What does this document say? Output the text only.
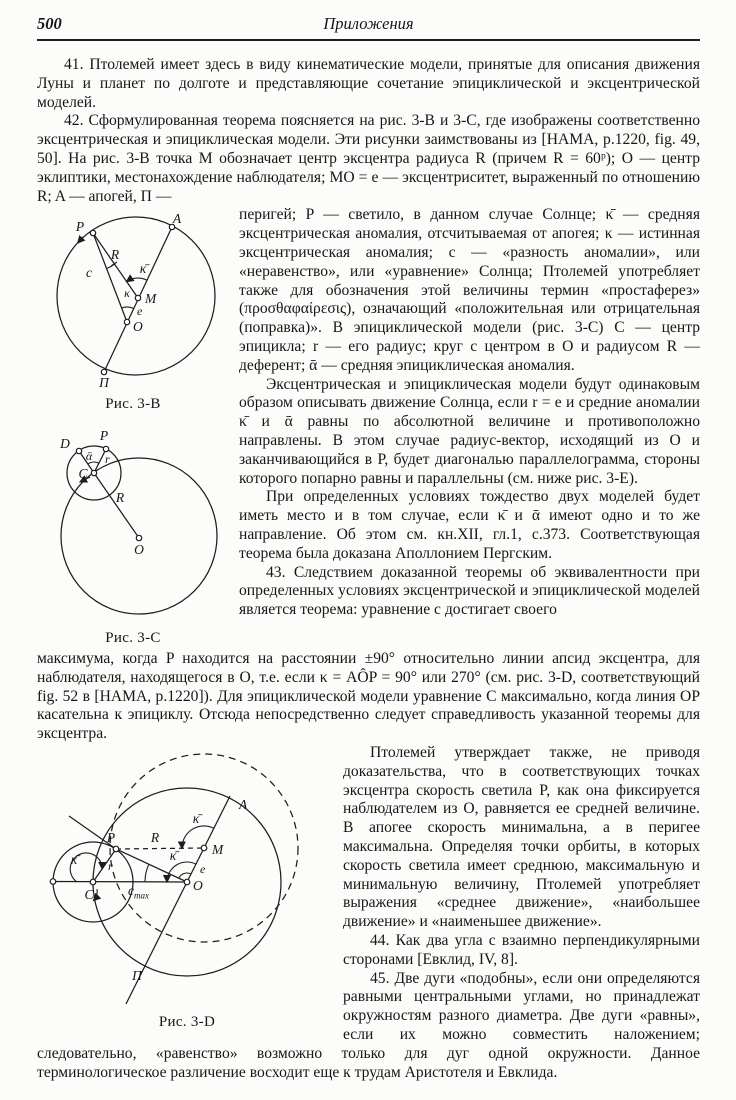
500	Приложения

41. Птолемей имеет здесь в виду кинематические модели, принятые для описания движения Луны и планет по долготе и представляющие сочетание эпициклической и эксцентрической моделей.

42. Сформулированная теорема поясняется на рис. 3-B и 3-C, где изображены соответственно эксцентрическая и эпициклическая модели. Эти рисунки заимствованы из [HAMA, p.1220, fig. 49, 50]. На рис. 3-B точка M обозначает центр эксцентра радиуса R (причем R = 60ᵖ); O — центр эклиптики, местонахождение наблюдателя; MO = e — эксцентриситет, выраженный по отношению R; A — апогей, П —

P
A
П
M
O
R
κ̄
κ
e
c
Рис. 3-B
D
P
ᾱ r
C
R
O
Рис. 3-C

перигей; P — светило, в данном случае Солнце; κ̄ — средняя эксцентрическая аномалия, отсчитываемая от апогея; κ — истинная эксцентрическая аномалия; c — «разность аномалии», или «неравенство», или «уравнение» Солнца; Птолемей употребляет также для обозначения этой величины термин «простаферез» (προσθαφαίρεσις), означающий «положительная или отрицательная (поправка)». В эпициклической модели (рис. 3-C) C — центр эпицикла; r — его радиус; круг с центром в O и радиусом R — деферент; ᾱ — средняя эпициклическая аномалия.

Эксцентрическая и эпициклическая модели будут одинаковым образом описывать движение Солнца, если r = e и средние аномалии κ̄ и ᾱ равны по абсолютной величине и противоположно направлены. В этом случае радиус-вектор, исходящий из O и заканчивающийся в P, будет диагональю параллелограмма, стороны которого попарно равны и параллельны (см. ниже рис. 3-E).

При определенных условиях тождество двух моделей будет иметь место и в том случае, если κ̄ и ᾱ имеют одно и то же направление. Об этом см. кн.XII, гл.1, с.373. Соответствующая теорема была доказана Аполлонием Пергским.

43. Следствием доказанной теоремы об эквивалентности при определенных условиях эксцентрической и эпициклической моделей является теорема: уравнение c достигает своего

максимума, когда P находится на расстоянии ±90° относительно линии апсид эксцентра, для наблюдателя, находящегося в O, т.е. если κ = AÔP = 90° или 270° (см. рис. 3-D, соответствующий fig. 52 в [HAMA, p.1220]). Для эпициклической модели уравнение C максимально, когда линия OP касательна к эпициклу. Отсюда непосредственно следует справедливость указанной теоремы для эксцентра.

A
П
P	R
κ̄
κ̄
κ̄
M
O
C
e
r
$c_{max}$
Рис. 3-D

Птолемей утверждает также, не приводя доказательства, что в соответствующих точках эксцентра скорость светила P, как она фиксируется наблюдателем из O, равняется ее средней величине. В апогее скорость минимальна, а в перигее максимальна. Определяя точки орбиты, в которых скорость светила имеет среднюю, максимальную и минимальную величину, Птолемей употребляет выражения «среднее движение», «наибольшее движение» и «наименьшее движение».

44. Как два угла с взаимно перпендикулярными сторонами [Евклид, IV, 8].

45. Две дуги «подобны», если они определяются равными центральными углами, но принадлежат окружностям разного диаметра. Две дуги «равны», если их можно совместить наложением; следовательно, «равенство» возможно только для дуг одной окружности. Данное терминологическое различение восходит еще к трудам Аристотеля и Евклида.
